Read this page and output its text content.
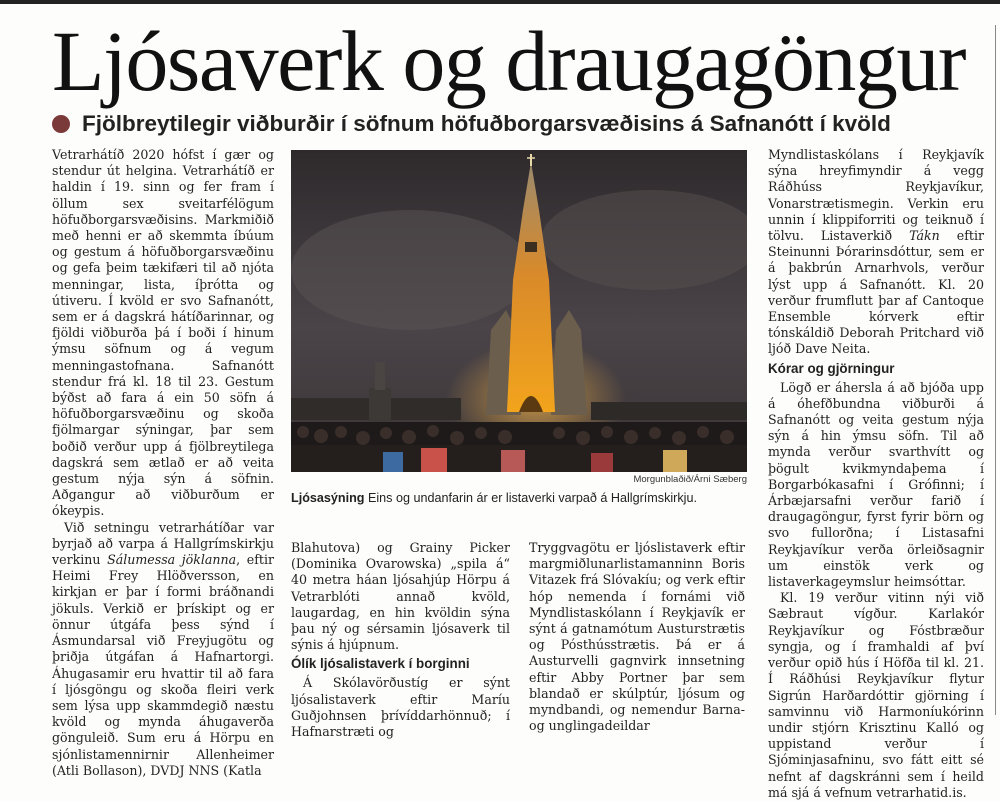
Ljósaverk og draugagöngur
Fjölbreytilegir viðburðir í söfnum höfuðborgarsvæðisins á Safnanótt í kvöld

Vetrarhátíð 2020 hófst í gær og stendur út helgina. Vetrarhátíð er haldin í 19. sinn og fer fram í öllum sex sveitarfélögum höfuðborgarsvæðisins. Markmiðið með henni er að skemmta íbúum og gestum á höfuðborgarsvæðinu og gefa þeim tækifæri til að njóta menningar, lista, íþrótta og útiveru. Í kvöld er svo Safnanótt, sem er á dagskrá hátíðarinnar, og fjöldi viðburða þá í boði í hinum ýmsu söfnum og á vegum menningastofnana. Safnanótt stendur frá kl. 18 til 23. Gestum býðst að fara á ein 50 söfn á höfuðborgarsvæðinu og skoða fjölmargar sýningar, þar sem boðið verður upp á fjölbreytilega dagskrá sem ætlað er að veita gestum nýja sýn á söfnin. Aðgangur að viðburðum er ókeypis.

Við setningu vetrarhátíðar var byrjað að varpa á Hallgrímskirkju verkinu Sálumessa jöklanna, eftir Heimi Frey Hlöðversson, en kirkjan er þar í formi bráðnandi jökuls. Verkið er þrískipt og er önnur útgáfa þess sýnd í Ásmundarsal við Freyjugötu og þriðja útgáfan á Hafnartorgi. Áhugasamir eru hvattir til að fara í ljósgöngu og skoða fleiri verk sem lýsa upp skammdegið næstu kvöld og mynda áhugaverða gönguleið. Sum eru á Hörpu en sjónlistamennirnir Allenheimer (Atli Bollason), DVDJ NNS (Katla

Morgunblaðið/Árni Sæberg
Ljósasýning Eins og undanfarin ár er listaverki varpað á Hallgrímskirkju.

Blahutova) og Grainy Picker (Dominika Ovarowska) „spila á“ 40 metra háan ljósahjúp Hörpu á Vetrarblóti annað kvöld, laugardag, en hin kvöldin sýna þau ný og sérsamin ljósaverk til sýnis á hjúpnum.

Ólík ljósalistaverk í borginni

Á Skólavörðustíg er sýnt ljósalistaverk eftir Maríu Guðjohnsen þrívíddarhönnuð; í Hafnarstræti og

Tryggvagötu er ljóslistaverk eftir margmiðlunarlistamanninn Boris Vitazek frá Slóvakíu; og verk eftir hóp nemenda í fornámi við Myndlistaskólann í Reykjavík er sýnt á gatnamótum Austurstrætis og Pósthússtrætis. Þá er á Austurvelli gagnvirk innsetning eftir Abby Portner þar sem blandað er skúlptúr, ljósum og myndbandi, og nemendur Barna- og unglingadeildar

Myndlistaskólans í Reykjavík sýna hreyfimyndir á vegg Ráðhúss Reykjavíkur, Vonarstrætismegin. Verkin eru unnin í klippiforriti og teiknuð í tölvu. Listaverkið Tákn eftir Steinunni Þórarinsdóttur, sem er á þakbrún Arnarhvols, verður lýst upp á Safnanótt. Kl. 20 verður frumflutt þar af Cantoque Ensemble kórverk eftir tónskáldið Deborah Pritchard við ljóð Dave Neita.

Kórar og gjörningur

Lögð er áhersla á að bjóða upp á óhefðbundna viðburði á Safnanótt og veita gestum nýja sýn á hin ýmsu söfn. Til að mynda verður svarthvítt og þögult kvikmyndaþema í Borgarbókasafni í Grófinni; í Árbæjarsafni verður farið í draugagöngur, fyrst fyrir börn og svo fullorðna; í Listasafni Reykjavíkur verða örleiðsagnir um einstök verk og listaverkageymslur heimsóttar.

Kl. 19 verður vitinn nýi við Sæbraut vígður. Karlakór Reykjavíkur og Fóstbræður syngja, og í framhaldi af því verður opið hús í Höfða til kl. 21. Í Ráðhúsi Reykjavíkur flytur Sigrún Harðardóttir gjörning í samvinnu við Harmoníukórinn undir stjórn Krisztinu Kalló og uppistand verður í Sjóminjasafninu, svo fátt eitt sé nefnt af dagskránni sem í heild má sjá á vefnum vetrarhatid.is.
